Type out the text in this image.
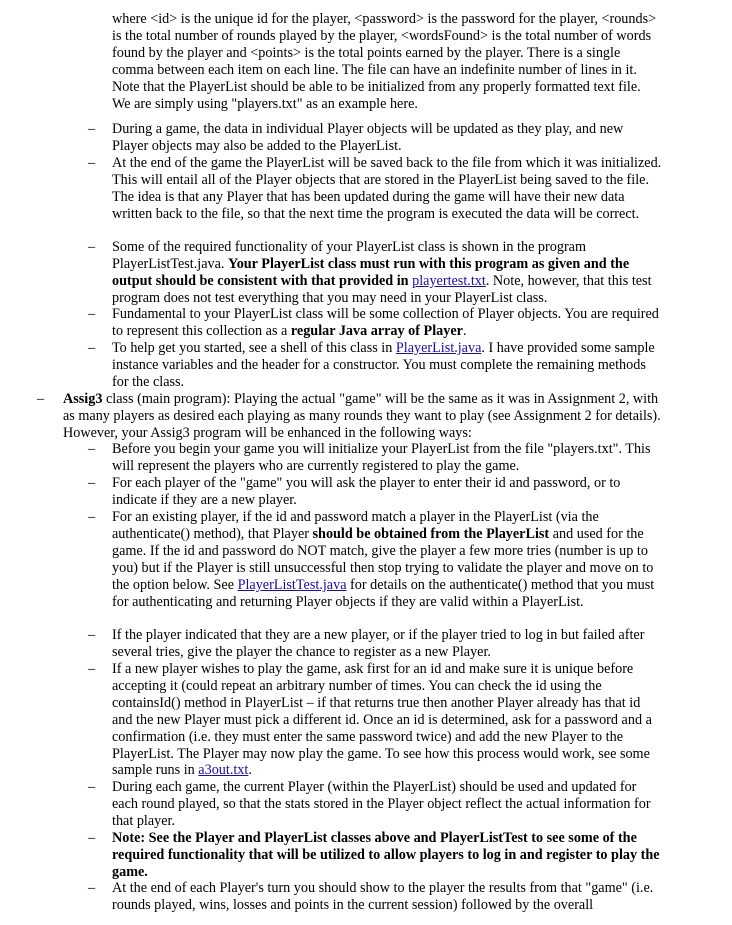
where <id> is the unique id for the player, <password> is the password for the player, <rounds> is the total number of rounds played by the player, <wordsFound> is the total number of words found by the player and <points> is the total points earned by the player. There is a single comma between each item on each line. The file can have an indefinite number of lines in it. Note that the PlayerList should be able to be initialized from any properly formatted text file. We are simply using "players.txt" as an example here.

– During a game, the data in individual Player objects will be updated as they play, and new Player objects may also be added to the PlayerList.
– At the end of the game the PlayerList will be saved back to the file from which it was initialized. This will entail all of the Player objects that are stored in the PlayerList being saved to the file. The idea is that any Player that has been updated during the game will have their new data written back to the file, so that the next time the program is executed the data will be correct.
– Some of the required functionality of your PlayerList class is shown in the program PlayerListTest.java. Your PlayerList class must run with this program as given and the output should be consistent with that provided in playertest.txt. Note, however, that this test program does not test everything that you may need in your PlayerList class.
– Fundamental to your PlayerList class will be some collection of Player objects. You are required to represent this collection as a regular Java array of Player.
– To help get you started, see a shell of this class in PlayerList.java. I have provided some sample instance variables and the header for a constructor. You must complete the remaining methods for the class.
– Assig3 class (main program): Playing the actual "game" will be the same as it was in Assignment 2, with as many players as desired each playing as many rounds they want to play (see Assignment 2 for details). However, your Assig3 program will be enhanced in the following ways:
– Before you begin your game you will initialize your PlayerList from the file "players.txt". This will represent the players who are currently registered to play the game.
– For each player of the "game" you will ask the player to enter their id and password, or to indicate if they are a new player.
– For an existing player, if the id and password match a player in the PlayerList (via the authenticate() method), that Player should be obtained from the PlayerList and used for the game. If the id and password do NOT match, give the player a few more tries (number is up to you) but if the Player is still unsuccessful then stop trying to validate the player and move on to the option below. See PlayerListTest.java for details on the authenticate() method that you must for authenticating and returning Player objects if they are valid within a PlayerList.
– If the player indicated that they are a new player, or if the player tried to log in but failed after several tries, give the player the chance to register as a new Player.
– If a new player wishes to play the game, ask first for an id and make sure it is unique before accepting it (could repeat an arbitrary number of times. You can check the id using the containsId() method in PlayerList – if that returns true then another Player already has that id and the new Player must pick a different id. Once an id is determined, ask for a password and a confirmation (i.e. they must enter the same password twice) and add the new Player to the PlayerList. The Player may now play the game. To see how this process would work, see some sample runs in a3out.txt.
– During each game, the current Player (within the PlayerList) should be used and updated for each round played, so that the stats stored in the Player object reflect the actual information for that player.
– Note: See the Player and PlayerList classes above and PlayerListTest to see some of the required functionality that will be utilized to allow players to log in and register to play the game.
– At the end of each Player's turn you should show to the player the results from that "game" (i.e. rounds played, wins, losses and points in the current session) followed by the overall
